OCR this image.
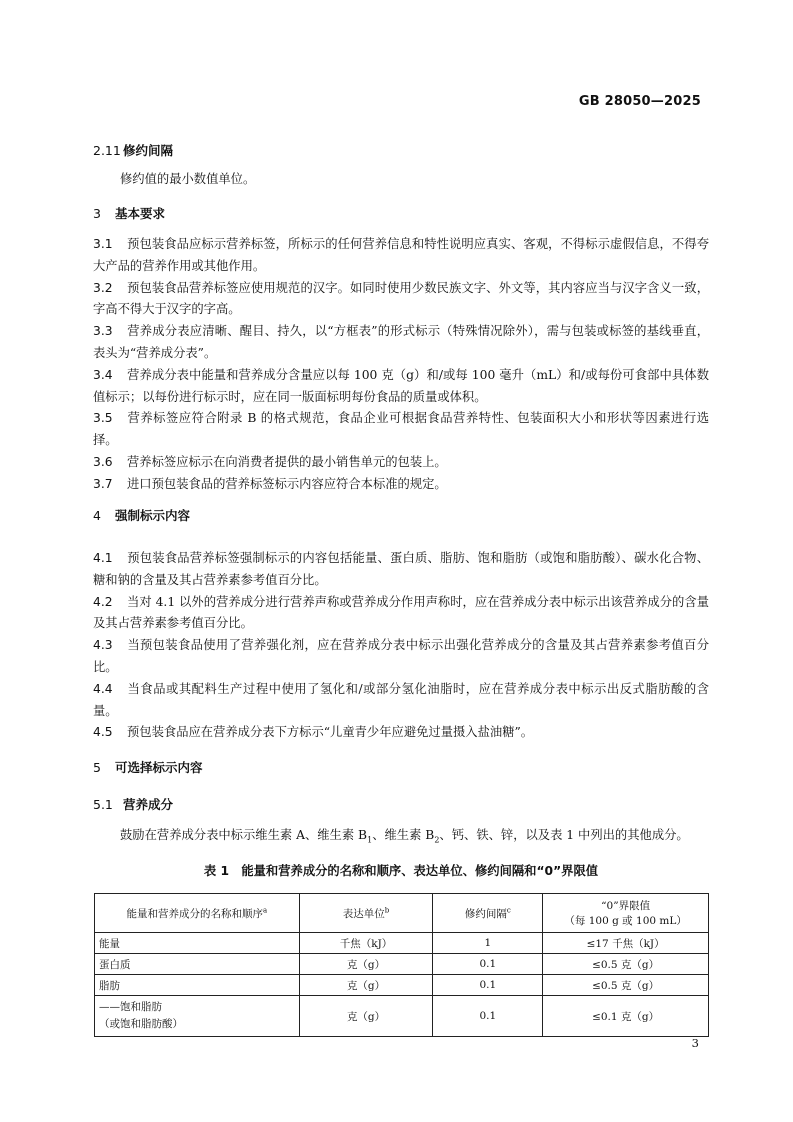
GB 28050—2025
2.11 修约间隔
修约值的最小数值单位。
3 基本要求
3.1 预包装食品应标示营养标签，所标示的任何营养信息和特性说明应真实、客观，不得标示虚假信息，不得夸大产品的营养作用或其他作用。
3.2 预包装食品营养标签应使用规范的汉字。如同时使用少数民族文字、外文等，其内容应当与汉字含义一致，字高不得大于汉字的字高。
3.3 营养成分表应清晰、醒目、持久，以“方框表”的形式标示（特殊情况除外），需与包装或标签的基线垂直，表头为“营养成分表”。
3.4 营养成分表中能量和营养成分含量应以每 100 克（g）和/或每 100 毫升（mL）和/或每份可食部中具体数值标示；以每份进行标示时，应在同一版面标明每份食品的质量或体积。
3.5 营养标签应符合附录 B 的格式规范，食品企业可根据食品营养特性、包装面积大小和形状等因素进行选择。
3.6 营养标签应标示在向消费者提供的最小销售单元的包装上。
3.7 进口预包装食品的营养标签标示内容应符合本标准的规定。
4 强制标示内容
4.1 预包装食品营养标签强制标示的内容包括能量、蛋白质、脂肪、饱和脂肪（或饱和脂肪酸）、碳水化合物、糖和钠的含量及其占营养素参考值百分比。
4.2 当对 4.1 以外的营养成分进行营养声称或营养成分作用声称时，应在营养成分表中标示出该营养成分的含量及其占营养素参考值百分比。
4.3 当预包装食品使用了营养强化剂，应在营养成分表中标示出强化营养成分的含量及其占营养素参考值百分比。
4.4 当食品或其配料生产过程中使用了氢化和/或部分氢化油脂时，应在营养成分表中标示出反式脂肪酸的含量。
4.5 预包装食品应在营养成分表下方标示“儿童青少年应避免过量摄入盐油糖”。
5 可选择标示内容
5.1 营养成分
鼓励在营养成分表中标示维生素 A、维生素 $B_1$、维生素 $B_2$、钙、铁、锌，以及表 1 中列出的其他成分。
表 1　能量和营养成分的名称和顺序、表达单位、修约间隔和“0”界限值
能量和营养成分的名称和顺序$^a$	表达单位$^b$	修约间隔$^c$	“0”界限值
（每 100 g 或 100 mL）

能量	千焦（kJ）	1	≤17 千焦（kJ）
蛋白质	克（g）	0.1	≤0.5 克（g）
脂肪	克（g）	0.1	≤0.5 克（g）

——饱和脂肪
（或饱和脂肪酸）	克（g）	0.1	≤0.1 克（g）
3
